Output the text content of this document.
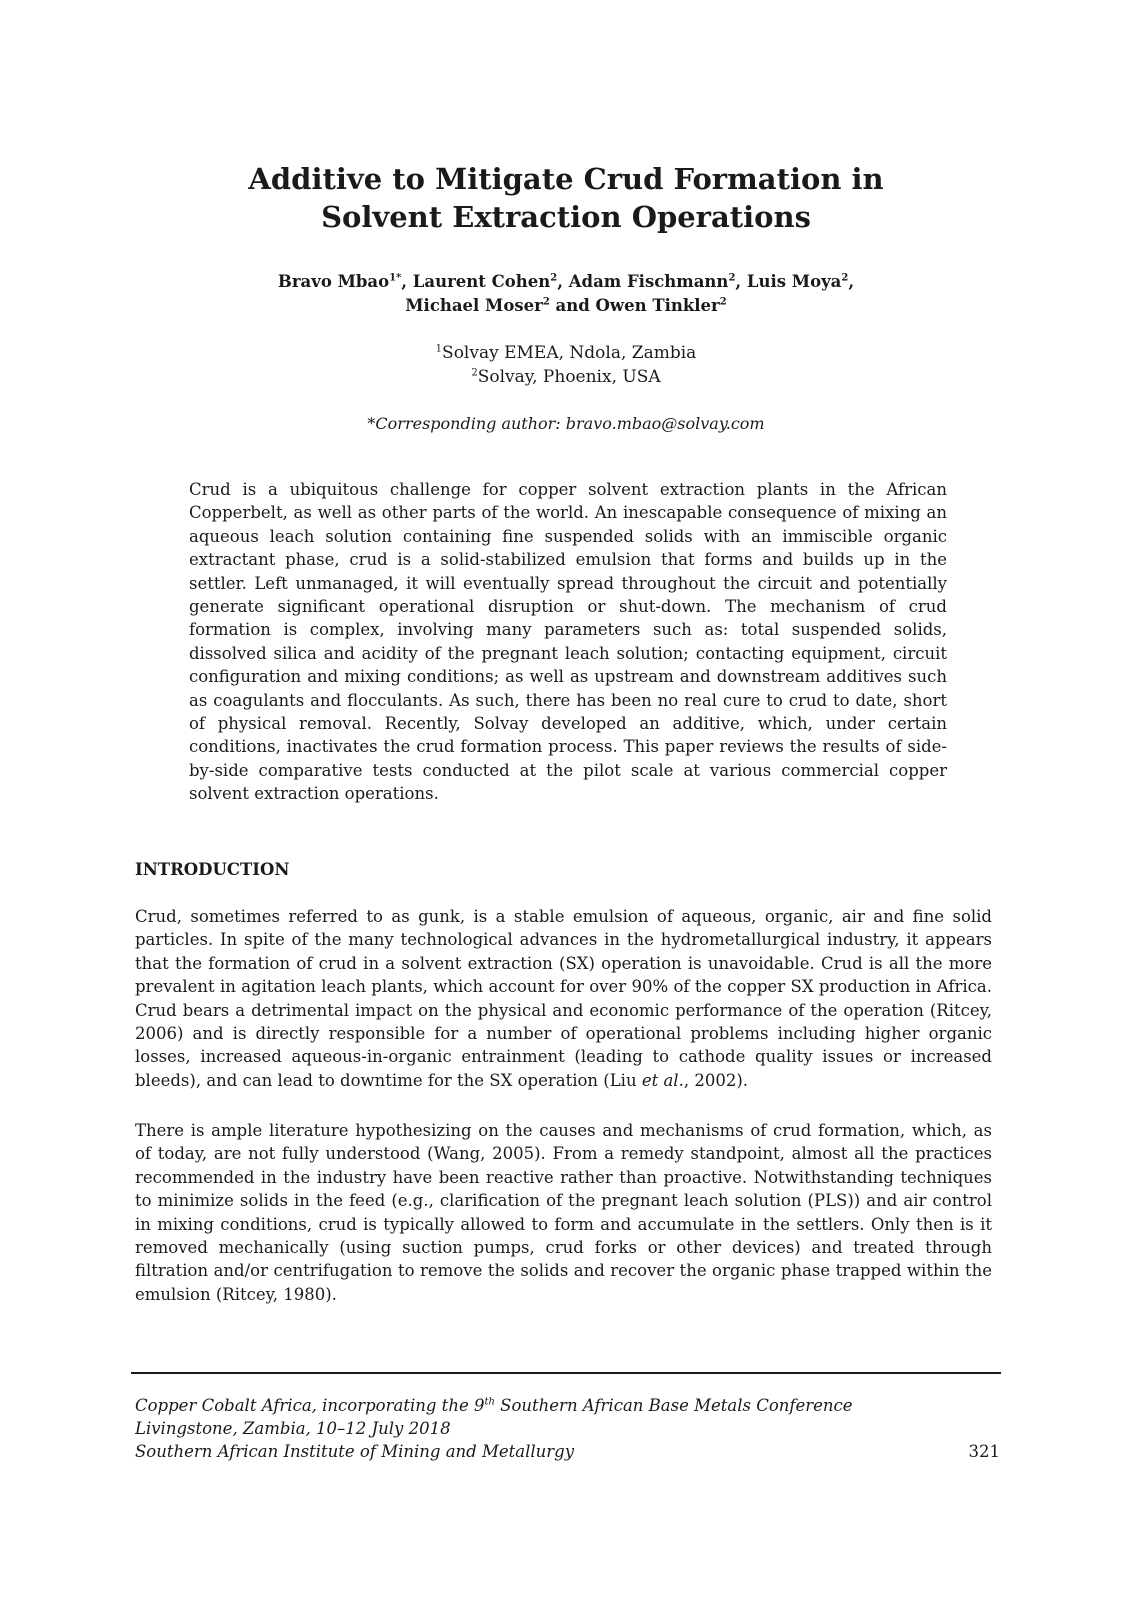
Additive to Mitigate Crud Formation in
Solvent Extraction Operations
Bravo Mbao$^{1*}$, Laurent Cohen$^2$, Adam Fischmann$^2$, Luis Moya$^2$,
Michael Moser$^2$ and Owen Tinkler$^2$
$^1$Solvay EMEA, Ndola, Zambia
$^2$Solvay, Phoenix, USA
*Corresponding author: bravo.mbao@solvay.com

Crud is a ubiquitous challenge for copper solvent extraction plants in the African Copperbelt, as well as other parts of the world. An inescapable consequence of mixing an aqueous leach solution containing fine suspended solids with an immiscible organic extractant phase, crud is a solid-stabilized emulsion that forms and builds up in the settler. Left unmanaged, it will eventually spread throughout the circuit and potentially generate significant operational disruption or shut-down. The mechanism of crud formation is complex, involving many parameters such as: total suspended solids, dissolved silica and acidity of the pregnant leach solution; contacting equipment, circuit configuration and mixing conditions; as well as upstream and downstream additives such as coagulants and flocculants. As such, there has been no real cure to crud to date, short of physical removal. Recently, Solvay developed an additive, which, under certain conditions, inactivates the crud formation process. This paper reviews the results of side-by-side comparative tests conducted at the pilot scale at various commercial copper solvent extraction operations.

INTRODUCTION

Crud, sometimes referred to as gunk, is a stable emulsion of aqueous, organic, air and fine solid particles. In spite of the many technological advances in the hydrometallurgical industry, it appears that the formation of crud in a solvent extraction (SX) operation is unavoidable. Crud is all the more prevalent in agitation leach plants, which account for over 90% of the copper SX production in Africa. Crud bears a detrimental impact on the physical and economic performance of the operation (Ritcey, 2006) and is directly responsible for a number of operational problems including higher organic losses, increased aqueous-in-organic entrainment (leading to cathode quality issues or increased bleeds), and can lead to downtime for the SX operation (Liu et al., 2002).

There is ample literature hypothesizing on the causes and mechanisms of crud formation, which, as of today, are not fully understood (Wang, 2005). From a remedy standpoint, almost all the practices recommended in the industry have been reactive rather than proactive. Notwithstanding techniques to minimize solids in the feed (e.g., clarification of the pregnant leach solution (PLS)) and air control in mixing conditions, crud is typically allowed to form and accumulate in the settlers. Only then is it removed mechanically (using suction pumps, crud forks or other devices) and treated through filtration and/or centrifugation to remove the solids and recover the organic phase trapped within the emulsion (Ritcey, 1980).

Copper Cobalt Africa, incorporating the 9th Southern African Base Metals Conference
Livingstone, Zambia, 10–12 July 2018
Southern African Institute of Mining and Metallurgy	321
